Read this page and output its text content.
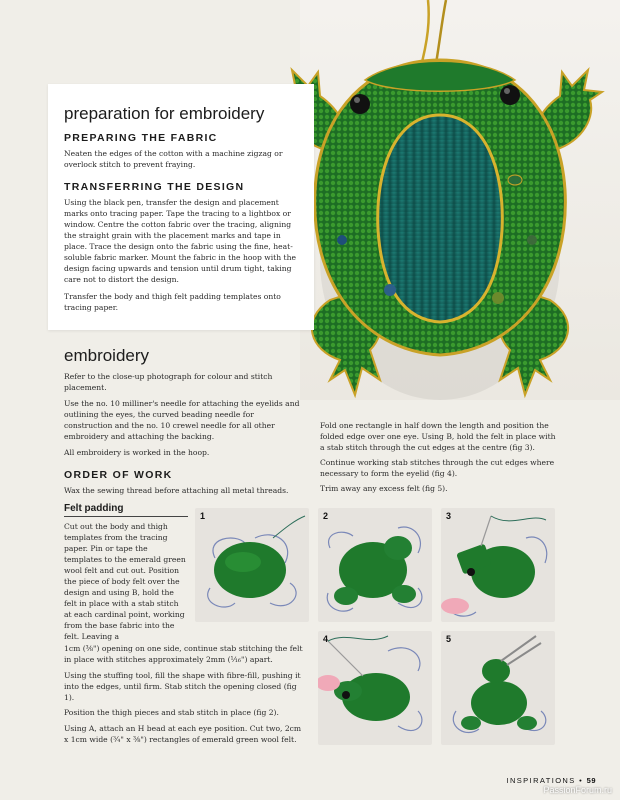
preparation for embroidery
PREPARING THE FABRIC

Neaten the edges of the cotton with a machine zigzag or overlock stitch to prevent fraying.

TRANSFERRING THE DESIGN

Using the black pen, transfer the design and placement marks onto tracing paper. Tape the tracing to a lightbox or window. Centre the cotton fabric over the tracing, aligning the straight grain with the placement marks and tape in place. Trace the design onto the fabric using the fine, heat-soluble fabric marker. Mount the fabric in the hoop with the design facing upwards and tension until drum tight, taking care not to distort the design.

Transfer the body and thigh felt padding templates onto tracing paper.

embroidery

Refer to the close-up photograph for colour and stitch placement.

Use the no. 10 milliner's needle for attaching the eyelids and outlining the eyes, the curved beading needle for construction and the no. 10 crewel needle for all other embroidery and attaching the backing.

All embroidery is worked in the hoop.

ORDER OF WORK

Wax the sewing thread before attaching all metal threads.

Felt padding

Cut out the body and thigh templates from the tracing paper. Pin or tape the templates to the emerald green wool felt and cut out. Position the piece of body felt over the design and using B, hold the felt in place with a stab stitch at each cardinal point, working from the base fabric into the felt. Leaving a

1cm (³⁄₈") opening on one side, continue stab stitching the felt in place with stitches approximately 2mm (¹⁄₁₆") apart.

Using the stuffing tool, fill the shape with fibre-fill, pushing it into the edges, until firm. Stab stitch the opening closed (fig 1).

Position the thigh pieces and stab stitch in place (fig 2).

Using A, attach an H bead at each eye position. Cut two, 2cm x 1cm wide (¾" x ³⁄₈") rectangles of emerald green wool felt.

Fold one rectangle in half down the length and position the folded edge over one eye. Using B, hold the felt in place with a stab stitch through the cut edges at the centre (fig 3).

Continue working stab stitches through the cut edges where necessary to form the eyelid (fig 4).

Trim away any excess felt (fig 5).

1	2	3
4	5
INSPIRATIONS • 59
PassionForum.ru
